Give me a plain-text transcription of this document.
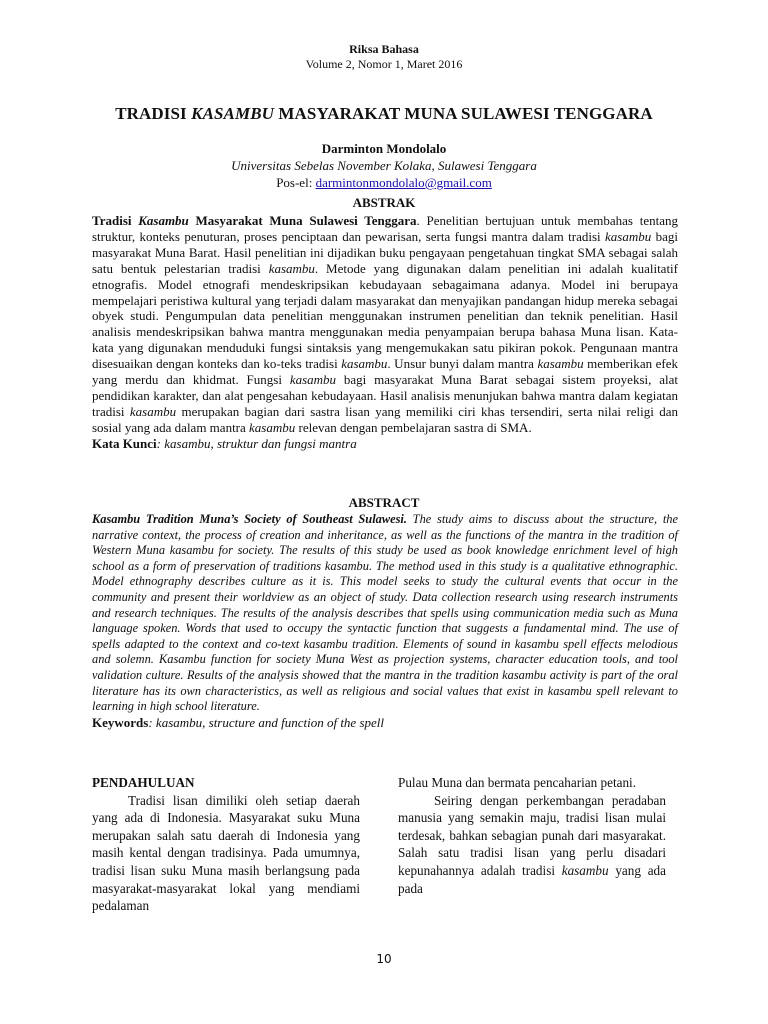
Riksa Bahasa
Volume 2, Nomor 1, Maret 2016
TRADISI KASAMBU MASYARAKAT MUNA SULAWESI TENGGARA
Darminton Mondolalo
Universitas Sebelas November Kolaka, Sulawesi Tenggara
Pos-el: darmintonmondolalo@gmail.com
ABSTRAK
Tradisi Kasambu Masyarakat Muna Sulawesi Tenggara. Penelitian bertujuan untuk membahas tentang struktur, konteks penuturan, proses penciptaan dan pewarisan, serta fungsi mantra dalam tradisi kasambu bagi masyarakat Muna Barat. Hasil penelitian ini dijadikan buku pengayaan pengetahuan tingkat SMA sebagai salah satu bentuk pelestarian tradisi kasambu. Metode yang digunakan dalam penelitian ini adalah kualitatif etnografis. Model etnografi mendeskripsikan kebudayaan sebagaimana adanya. Model ini berupaya mempelajari peristiwa kultural yang terjadi dalam masyarakat dan menyajikan pandangan hidup mereka sebagai obyek studi. Pengumpulan data penelitian menggunakan instrumen penelitian dan teknik penelitian. Hasil analisis mendeskripsikan bahwa mantra menggunakan media penyampaian berupa bahasa Muna lisan. Kata-kata yang digunakan menduduki fungsi sintaksis yang mengemukakan satu pikiran pokok. Pengunaan mantra disesuaikan dengan konteks dan ko-teks tradisi kasambu. Unsur bunyi dalam mantra kasambu memberikan efek yang merdu dan khidmat. Fungsi kasambu bagi masyarakat Muna Barat sebagai sistem proyeksi, alat pendidikan karakter, dan alat pengesahan kebudayaan. Hasil analisis menunjukan bahwa mantra dalam kegiatan tradisi kasambu merupakan bagian dari sastra lisan yang memiliki ciri khas tersendiri, serta nilai religi dan sosial yang ada dalam mantra kasambu relevan dengan pembelajaran sastra di SMA.
Kata Kunci: kasambu, struktur dan fungsi mantra
ABSTRACT
Kasambu Tradition Muna’s Society of Southeast Sulawesi. The study aims to discuss about the structure, the narrative context, the process of creation and inheritance, as well as the functions of the mantra in the tradition of Western Muna kasambu for society. The results of this study be used as book knowledge enrichment level of high school as a form of preservation of traditions kasambu. The method used in this study is a qualitative ethnographic. Model ethnography describes culture as it is. This model seeks to study the cultural events that occur in the community and present their worldview as an object of study. Data collection research using research instruments and research techniques. The results of the analysis describes that spells using communication media such as Muna language spoken. Words that used to occupy the syntactic function that suggests a fundamental mind. The use of spells adapted to the context and co-text kasambu tradition. Elements of sound in kasambu spell effects melodious and solemn. Kasambu function for society Muna West as projection systems, character education tools, and tool validation culture. Results of the analysis showed that the mantra in the tradition kasambu activity is part of the oral literature has its own characteristics, as well as religious and social values that exist in kasambu spell relevant to learning in high school literature.
Keywords: kasambu, structure and function of the spell

PENDAHULUAN

Tradisi lisan dimiliki oleh setiap daerah yang ada di Indonesia. Masyarakat suku Muna merupakan salah satu daerah di Indonesia yang masih kental dengan tradisinya. Pada umumnya, tradisi lisan suku Muna masih berlangsung pada masyarakat-masyarakat lokal yang mendiami pedalaman

Pulau Muna dan bermata pencaharian petani.

Seiring dengan perkembangan peradaban manusia yang semakin maju, tradisi lisan mulai terdesak, bahkan sebagian punah dari masyarakat. Salah satu tradisi lisan yang perlu disadari kepunahannya adalah tradisi kasambu yang ada pada

10
